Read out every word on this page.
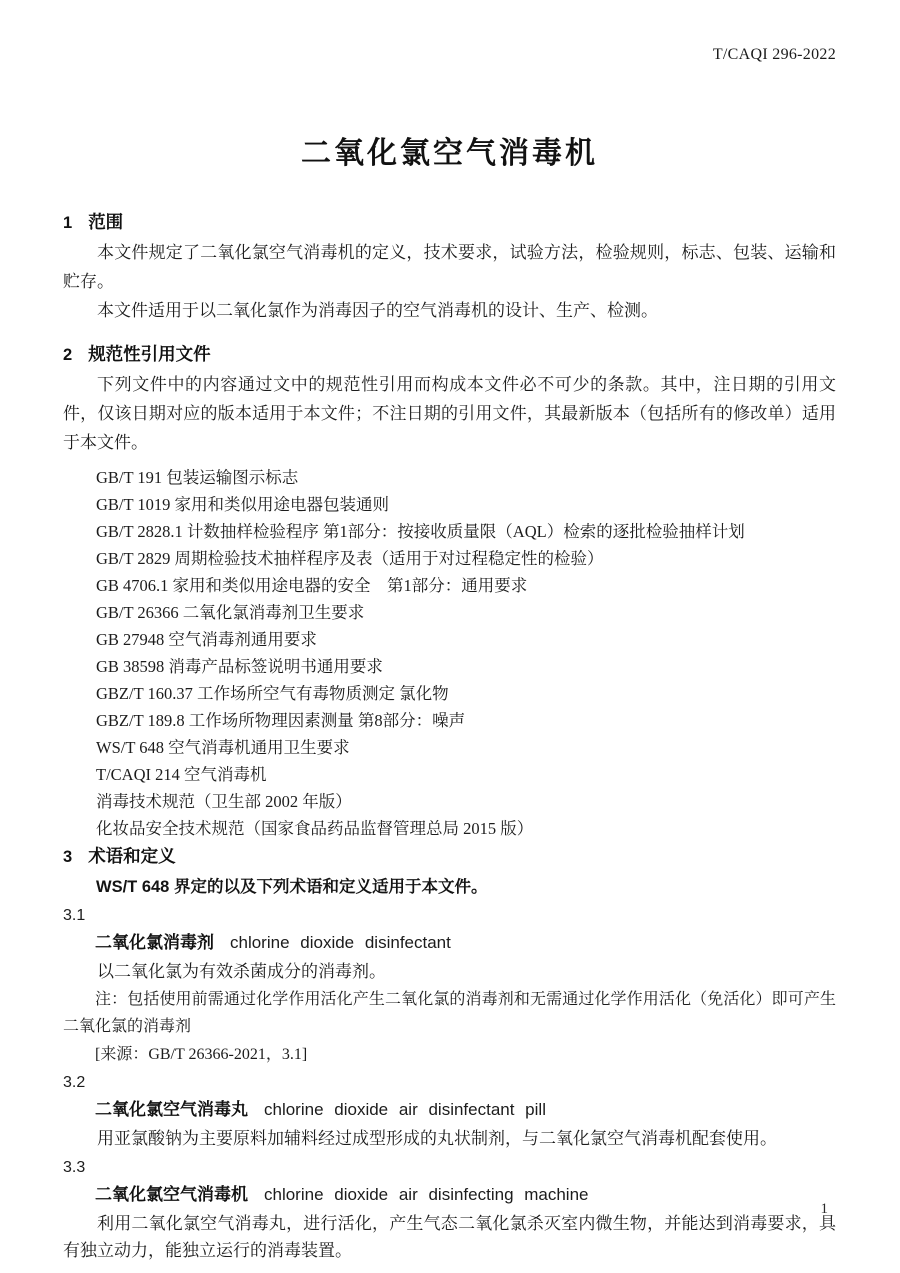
T/CAQI 296-2022
二氧化氯空气消毒机
1 范围

本文件规定了二氧化氯空气消毒机的定义，技术要求，试验方法，检验规则，标志、包装、运输和贮存。

本文件适用于以二氧化氯作为消毒因子的空气消毒机的设计、生产、检测。

2 规范性引用文件

下列文件中的内容通过文中的规范性引用而构成本文件必不可少的条款。其中，注日期的引用文件，仅该日期对应的版本适用于本文件；不注日期的引用文件，其最新版本（包括所有的修改单）适用于本文件。

GB/T 191 包装运输图示标志
GB/T 1019 家用和类似用途电器包装通则
GB/T 2828.1 计数抽样检验程序 第1部分：按接收质量限（AQL）检索的逐批检验抽样计划
GB/T 2829 周期检验技术抽样程序及表（适用于对过程稳定性的检验）
GB 4706.1 家用和类似用途电器的安全　第1部分：通用要求
GB/T 26366 二氧化氯消毒剂卫生要求
GB 27948 空气消毒剂通用要求
GB 38598 消毒产品标签说明书通用要求
GBZ/T 160.37 工作场所空气有毒物质测定 氯化物
GBZ/T 189.8 工作场所物理因素测量 第8部分：噪声
WS/T 648 空气消毒机通用卫生要求
T/CAQI 214 空气消毒机
消毒技术规范（卫生部 2002 年版）
化妆品安全技术规范（国家食品药品监督管理总局 2015 版）
3 术语和定义

WS/T 648 界定的以及下列术语和定义适用于本文件。

3.1
二氧化氯消毒剂 chlorine dioxide disinfectant

以二氧化氯为有效杀菌成分的消毒剂。

注：包括使用前需通过化学作用活化产生二氧化氯的消毒剂和无需通过化学作用活化（免活化）即可产生二氧化氯的消毒剂

[来源：GB/T 26366-2021，3.1]

3.2
二氧化氯空气消毒丸 chlorine dioxide air disinfectant pill

用亚氯酸钠为主要原料加辅料经过成型形成的丸状制剂，与二氧化氯空气消毒机配套使用。

3.3
二氧化氯空气消毒机 chlorine dioxide air disinfecting machine

利用二氧化氯空气消毒丸，进行活化，产生气态二氧化氯杀灭室内微生物，并能达到消毒要求，具有独立动力，能独立运行的消毒装置。

1
